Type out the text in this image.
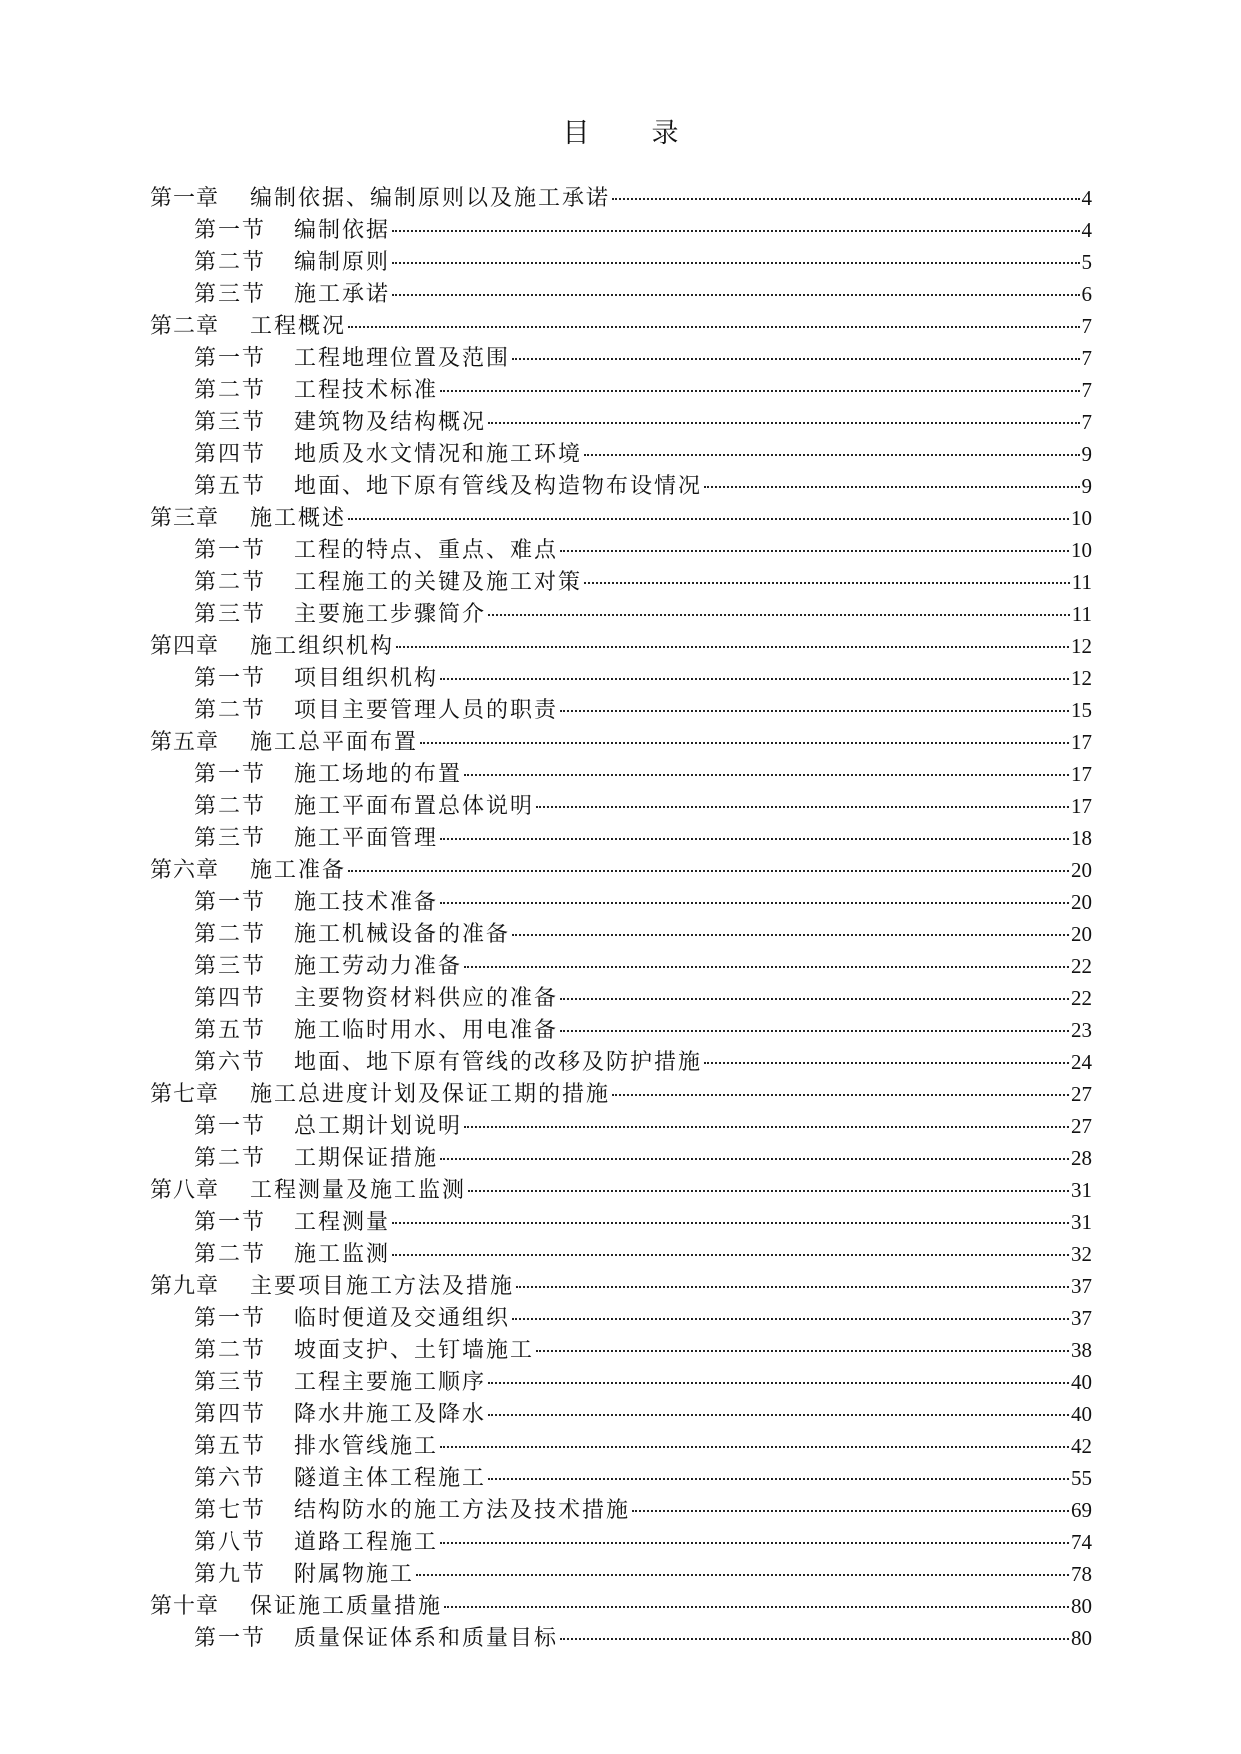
目 录
第一章	编制依据、编制原则以及施工承诺	4
第一节	编制依据	4
第二节	编制原则	5
第三节	施工承诺	6
第二章	工程概况	7
第一节	工程地理位置及范围	7
第二节	工程技术标准	7
第三节	建筑物及结构概况	7
第四节	地质及水文情况和施工环境	9
第五节	地面、地下原有管线及构造物布设情况	9
第三章	施工概述	10
第一节	工程的特点、重点、难点	10
第二节	工程施工的关键及施工对策	11
第三节	主要施工步骤简介	11
第四章	施工组织机构	12
第一节	项目组织机构	12
第二节	项目主要管理人员的职责	15
第五章	施工总平面布置	17
第一节	施工场地的布置	17
第二节	施工平面布置总体说明	17
第三节	施工平面管理	18
第六章	施工准备	20
第一节	施工技术准备	20
第二节	施工机械设备的准备	20
第三节	施工劳动力准备	22
第四节	主要物资材料供应的准备	22
第五节	施工临时用水、用电准备	23
第六节	地面、地下原有管线的改移及防护措施	24
第七章	施工总进度计划及保证工期的措施	27
第一节	总工期计划说明	27
第二节	工期保证措施	28
第八章	工程测量及施工监测	31
第一节	工程测量	31
第二节	施工监测	32
第九章	主要项目施工方法及措施	37
第一节	临时便道及交通组织	37
第二节	坡面支护、土钉墙施工	38
第三节	工程主要施工顺序	40
第四节	降水井施工及降水	40
第五节	排水管线施工	42
第六节	隧道主体工程施工	55
第七节	结构防水的施工方法及技术措施	69
第八节	道路工程施工	74
第九节	附属物施工	78
第十章	保证施工质量措施	80
第一节	质量保证体系和质量目标	80
